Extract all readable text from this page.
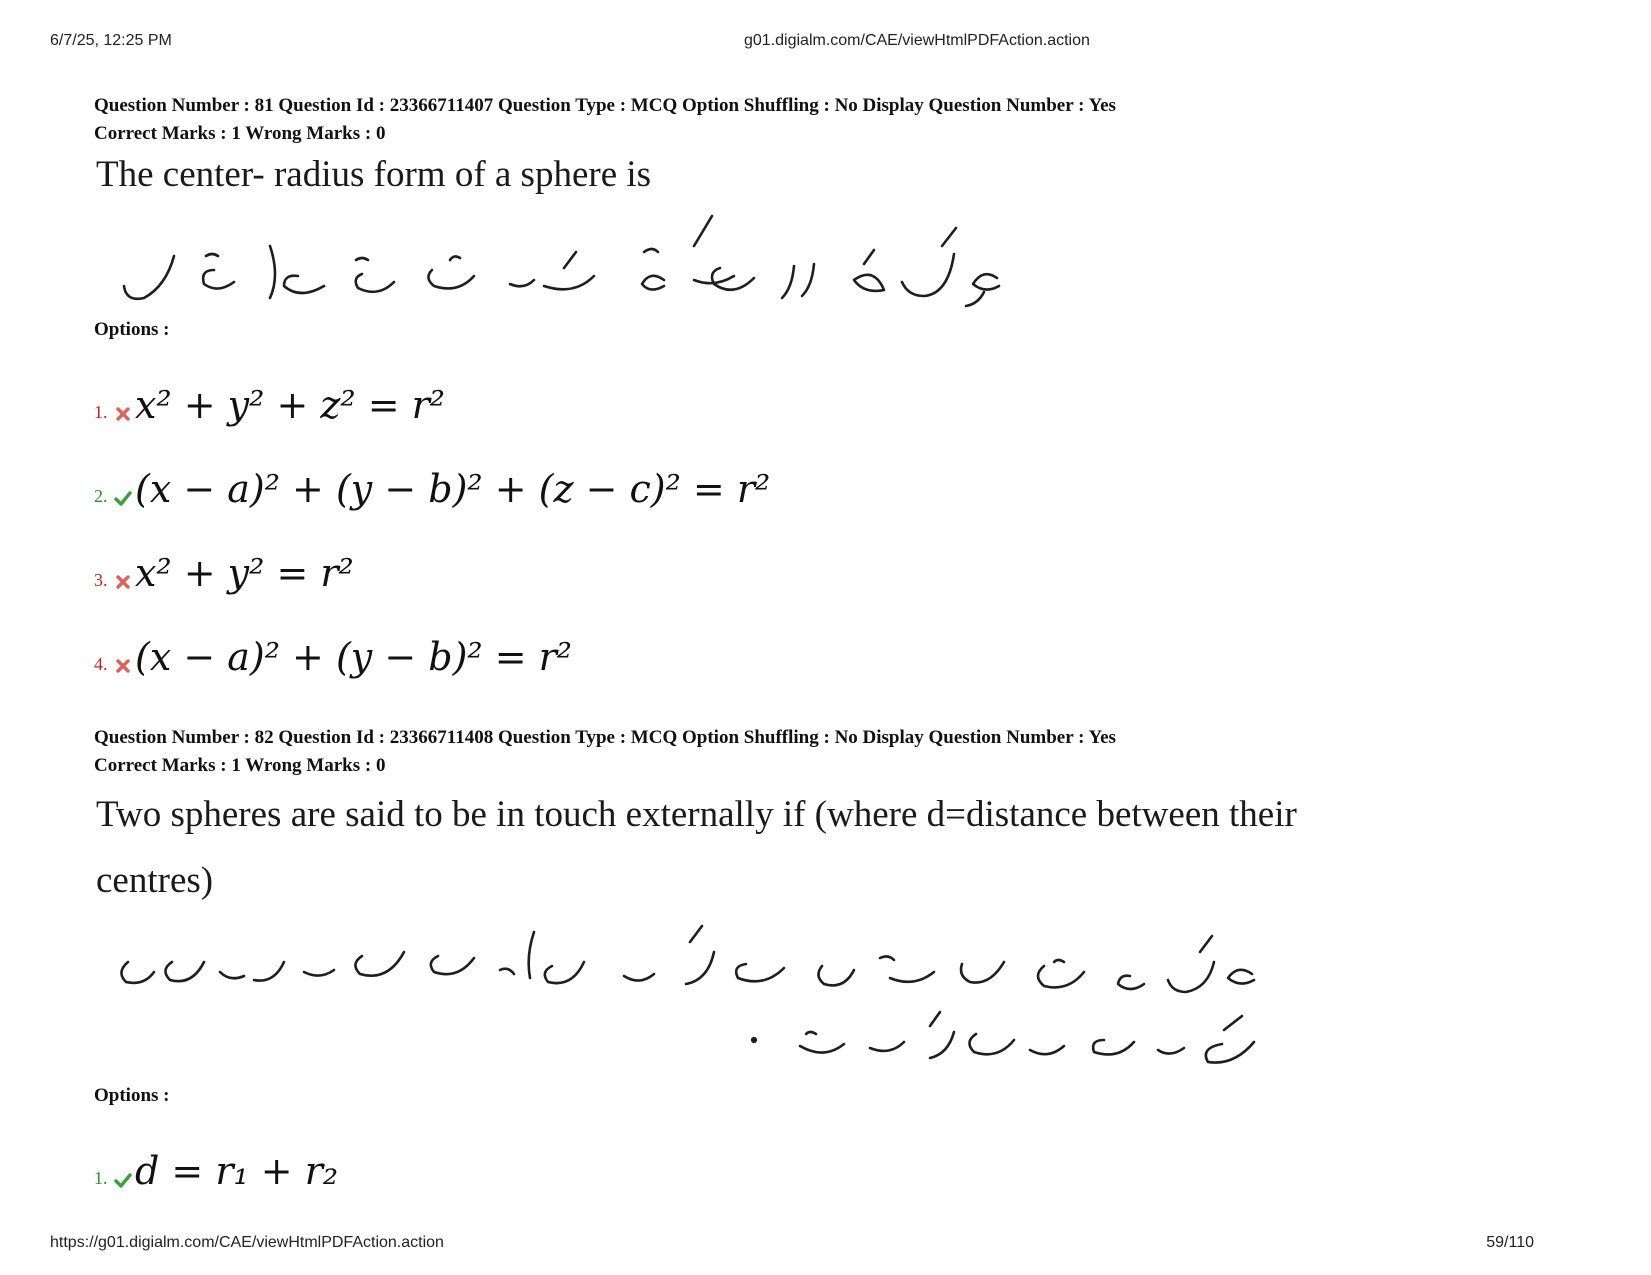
6/7/25, 12:25 PM	g01.digialm.com/CAE/viewHtmlPDFAction.action

Question Number : 81 Question Id : 23366711407 Question Type : MCQ Option Shuffling : No Display Question Number : Yes

Correct Marks : 1 Wrong Marks : 0

The center- radius form of a sphere is

Options :

1. x² + y² + z² = r²
2. (x − a)² + (y − b)² + (z − c)² = r²
3. x² + y² = r²
4. (x − a)² + (y − b)² = r²

Question Number : 82 Question Id : 23366711408 Question Type : MCQ Option Shuffling : No Display Question Number : Yes

Correct Marks : 1 Wrong Marks : 0

Two spheres are said to be in touch externally if (where d=distance between their
centres)

Options :

1. d = r₁ + r₂
https://g01.digialm.com/CAE/viewHtmlPDFAction.action	59/110
